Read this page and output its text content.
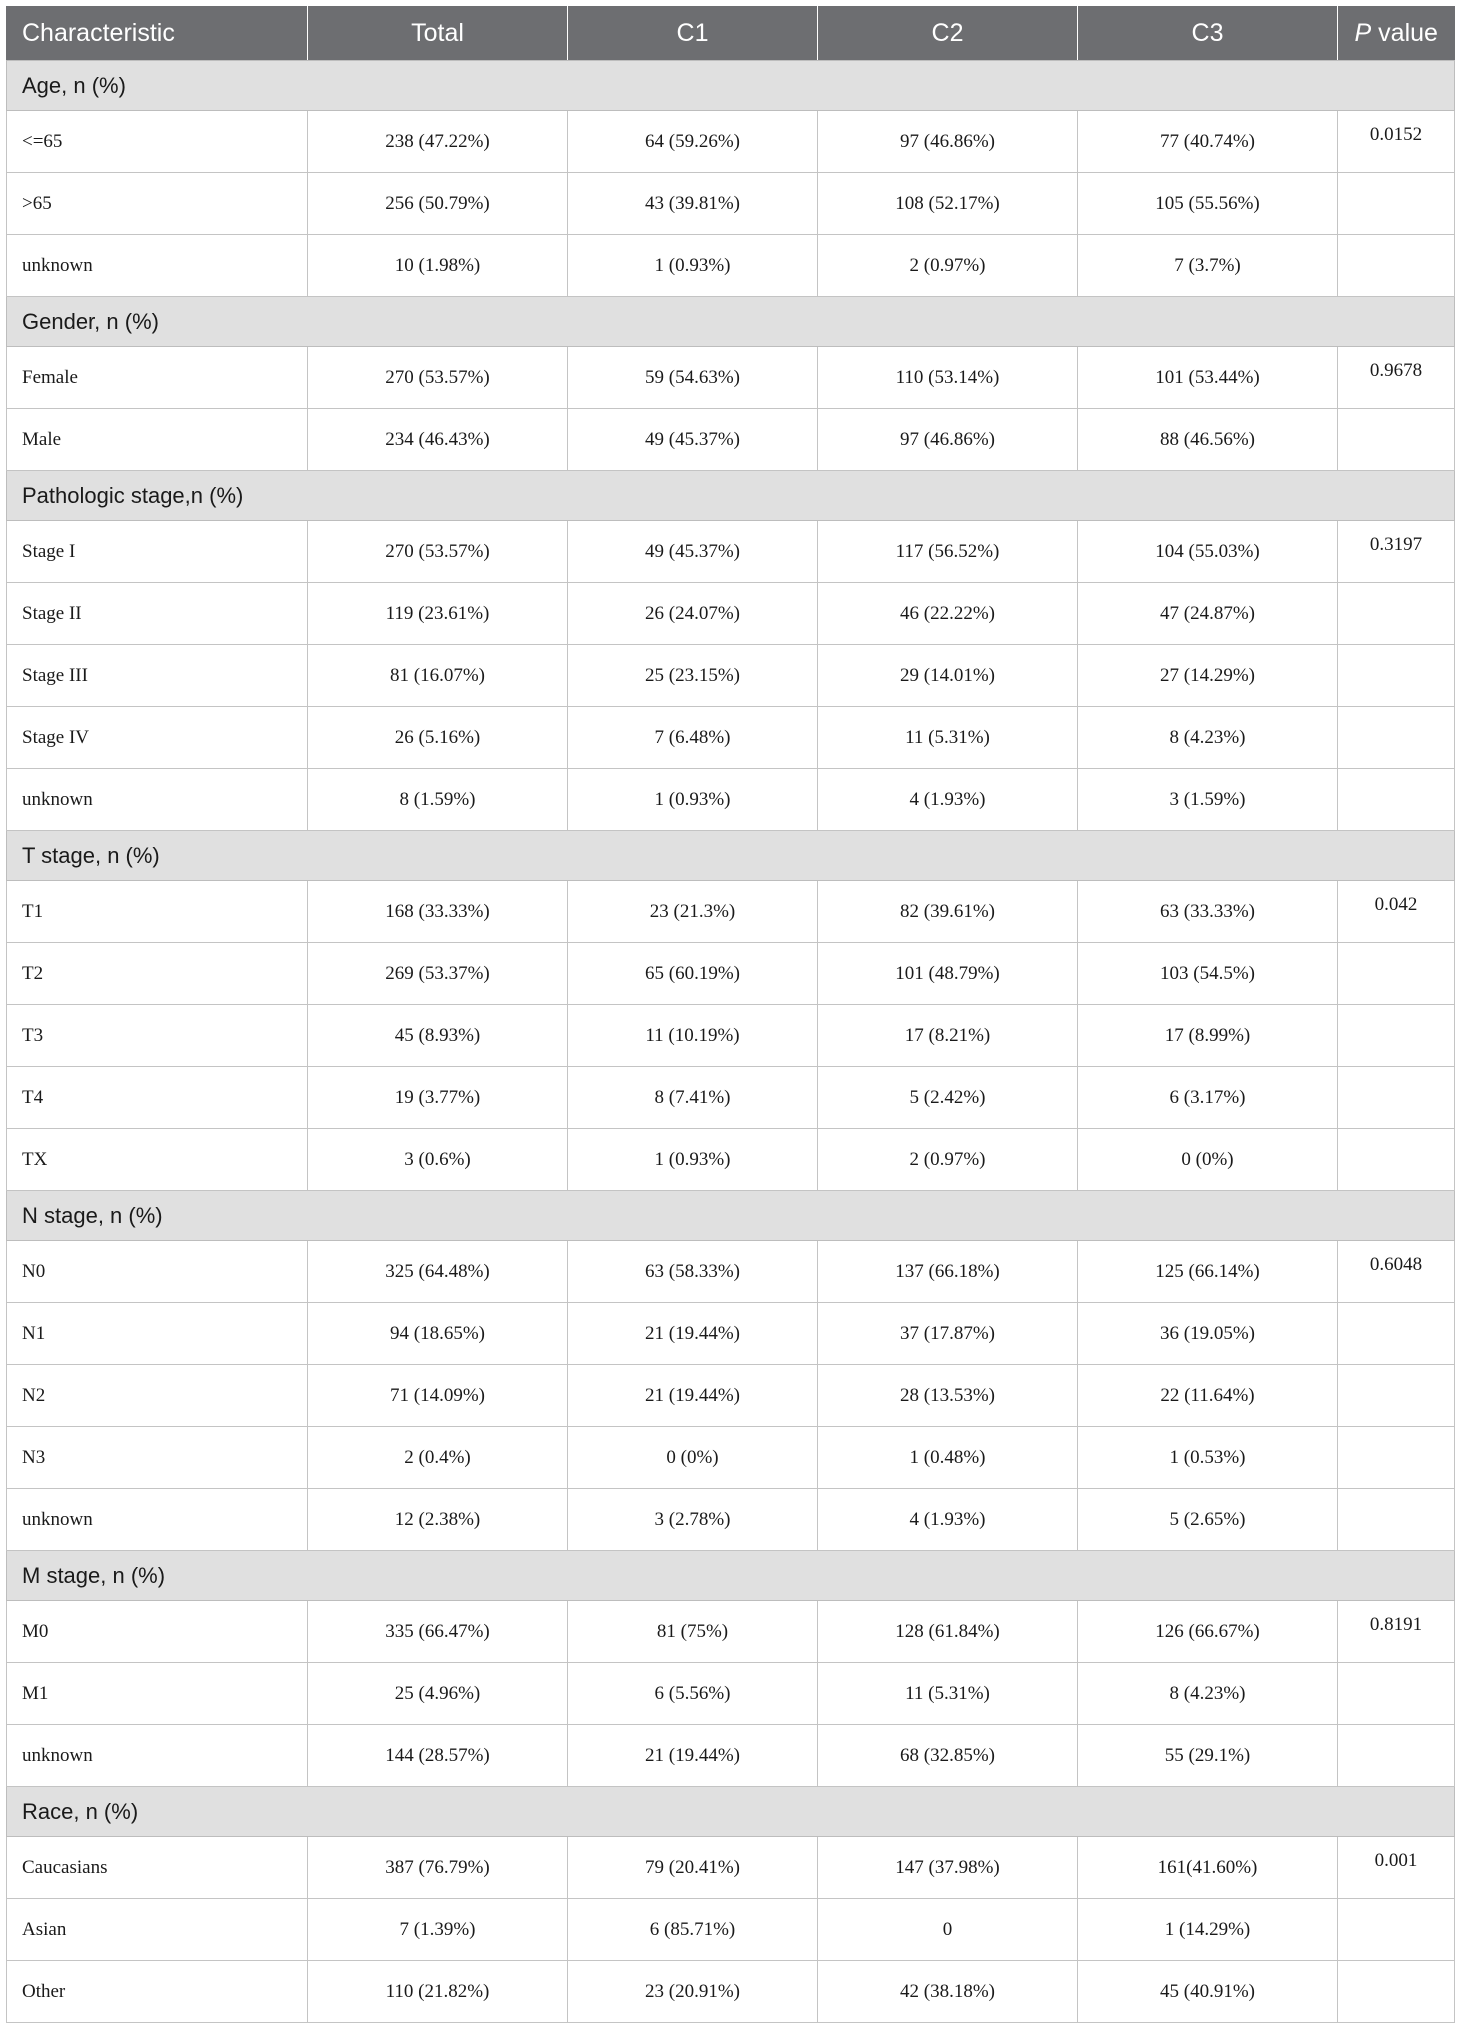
Characteristic	Total	C1	C2	C3	P value
Age, n (%)					
<=65	238 (47.22%)	64 (59.26%)	97 (46.86%)	77 (40.74%)	0.0152
>65	256 (50.79%)	43 (39.81%)	108 (52.17%)	105 (55.56%)	
unknown	10 (1.98%)	1 (0.93%)	2 (0.97%)	7 (3.7%)	
Gender, n (%)					
Female	270 (53.57%)	59 (54.63%)	110 (53.14%)	101 (53.44%)	0.9678
Male	234 (46.43%)	49 (45.37%)	97 (46.86%)	88 (46.56%)	
Pathologic stage,n (%)					
Stage I	270 (53.57%)	49 (45.37%)	117 (56.52%)	104 (55.03%)	0.3197
Stage II	119 (23.61%)	26 (24.07%)	46 (22.22%)	47 (24.87%)	
Stage III	81 (16.07%)	25 (23.15%)	29 (14.01%)	27 (14.29%)	
Stage IV	26 (5.16%)	7 (6.48%)	11 (5.31%)	8 (4.23%)	
unknown	8 (1.59%)	1 (0.93%)	4 (1.93%)	3 (1.59%)	
T stage, n (%)					
T1	168 (33.33%)	23 (21.3%)	82 (39.61%)	63 (33.33%)	0.042
T2	269 (53.37%)	65 (60.19%)	101 (48.79%)	103 (54.5%)	
T3	45 (8.93%)	11 (10.19%)	17 (8.21%)	17 (8.99%)	
T4	19 (3.77%)	8 (7.41%)	5 (2.42%)	6 (3.17%)	
TX	3 (0.6%)	1 (0.93%)	2 (0.97%)	0 (0%)	
N stage, n (%)					
N0	325 (64.48%)	63 (58.33%)	137 (66.18%)	125 (66.14%)	0.6048
N1	94 (18.65%)	21 (19.44%)	37 (17.87%)	36 (19.05%)	
N2	71 (14.09%)	21 (19.44%)	28 (13.53%)	22 (11.64%)	
N3	2 (0.4%)	0 (0%)	1 (0.48%)	1 (0.53%)	
unknown	12 (2.38%)	3 (2.78%)	4 (1.93%)	5 (2.65%)	
M stage, n (%)					
M0	335 (66.47%)	81 (75%)	128 (61.84%)	126 (66.67%)	0.8191
M1	25 (4.96%)	6 (5.56%)	11 (5.31%)	8 (4.23%)	
unknown	144 (28.57%)	21 (19.44%)	68 (32.85%)	55 (29.1%)	
Race, n (%)					
Caucasians	387 (76.79%)	79 (20.41%)	147 (37.98%)	161(41.60%)	0.001
Asian	7 (1.39%)	6 (85.71%)	0	1 (14.29%)	
Other	110 (21.82%)	23 (20.91%)	42 (38.18%)	45 (40.91%)	
